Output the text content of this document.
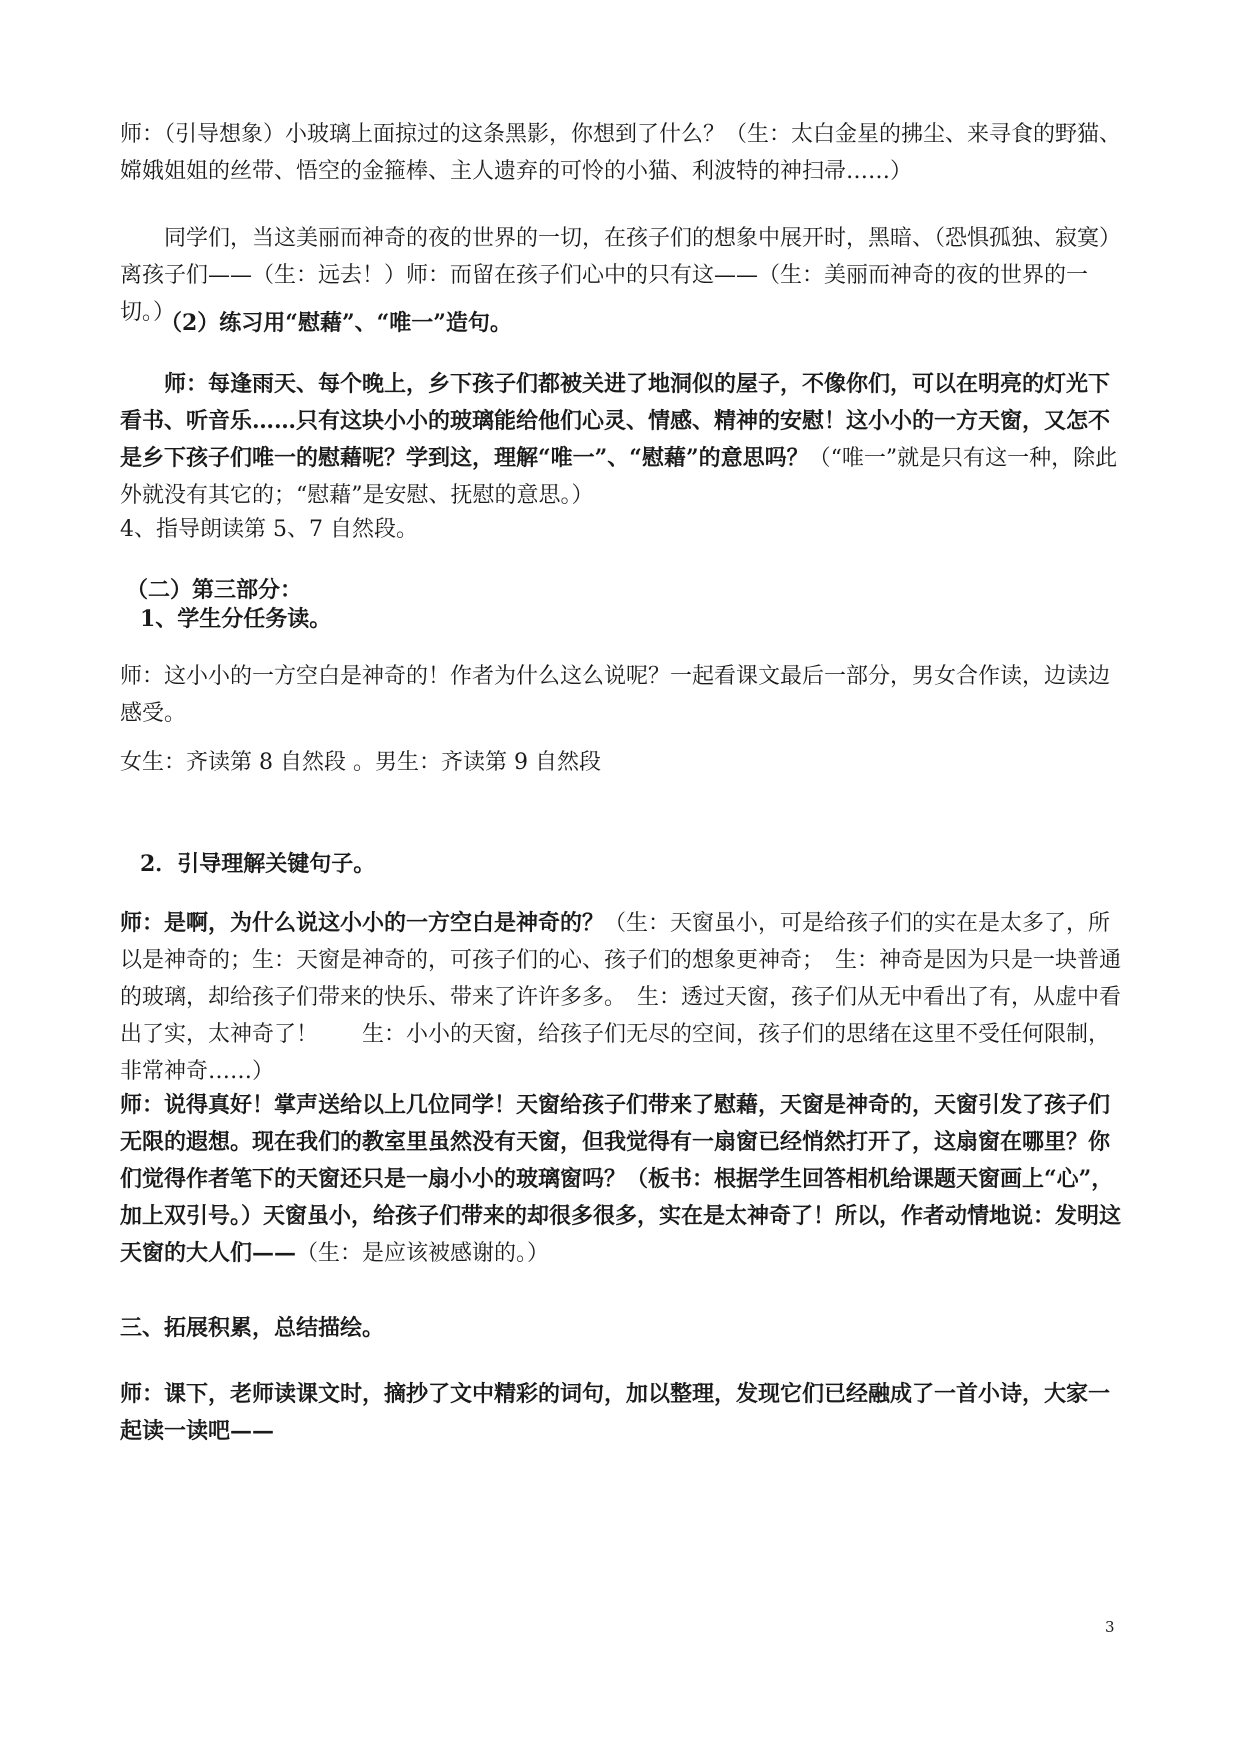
师：（引导想象）小玻璃上面掠过的这条黑影，你想到了什么？（生：太白金星的拂尘、来寻食的野猫、嫦娥姐姐的丝带、悟空的金箍棒、主人遗弃的可怜的小猫、利波特的神扫帚……）

同学们，当这美丽而神奇的夜的世界的一切，在孩子们的想象中展开时，黑暗、（恐惧孤独、寂寞）离孩子们——（生：远去！）师：而留在孩子们心中的只有这——（生：美丽而神奇的夜的世界的一切。）

（2）练习用“慰藉”、“唯一”造句。

师：每逢雨天、每个晚上，乡下孩子们都被关进了地洞似的屋子，不像你们，可以在明亮的灯光下看书、听音乐……只有这块小小的玻璃能给他们心灵、情感、精神的安慰！这小小的一方天窗，又怎不是乡下孩子们唯一的慰藉呢？学到这，理解“唯一”、“慰藉”的意思吗？（“唯一”就是只有这一种，除此外就没有其它的；“慰藉”是安慰、抚慰的意思。）

4、指导朗读第 5、7 自然段。

（二）第三部分：

1、学生分任务读。

师：这小小的一方空白是神奇的！作者为什么这么说呢？一起看课文最后一部分，男女合作读，边读边感受。

女生：齐读第 8 自然段 。男生：齐读第 9 自然段

2．引导理解关键句子。

师：是啊，为什么说这小小的一方空白是神奇的？（生：天窗虽小，可是给孩子们的实在是太多了，所以是神奇的；生：天窗是神奇的，可孩子们的心、孩子们的想象更神奇；　生：神奇是因为只是一块普通的玻璃，却给孩子们带来的快乐、带来了许许多多。　生：透过天窗，孩子们从无中看出了有，从虚中看出了实，太神奇了！　　生：小小的天窗，给孩子们无尽的空间，孩子们的思绪在这里不受任何限制，非常神奇……）

师：说得真好！掌声送给以上几位同学！天窗给孩子们带来了慰藉，天窗是神奇的，天窗引发了孩子们无限的遐想。现在我们的教室里虽然没有天窗，但我觉得有一扇窗已经悄然打开了，这扇窗在哪里？你们觉得作者笔下的天窗还只是一扇小小的玻璃窗吗？（板书：根据学生回答相机给课题天窗画上“心”，加上双引号。）天窗虽小，给孩子们带来的却很多很多，实在是太神奇了！所以，作者动情地说：发明这天窗的大人们——（生：是应该被感谢的。）

三、拓展积累，总结描绘。

师：课下，老师读课文时，摘抄了文中精彩的词句，加以整理，发现它们已经融成了一首小诗，大家一起读一读吧——

3
